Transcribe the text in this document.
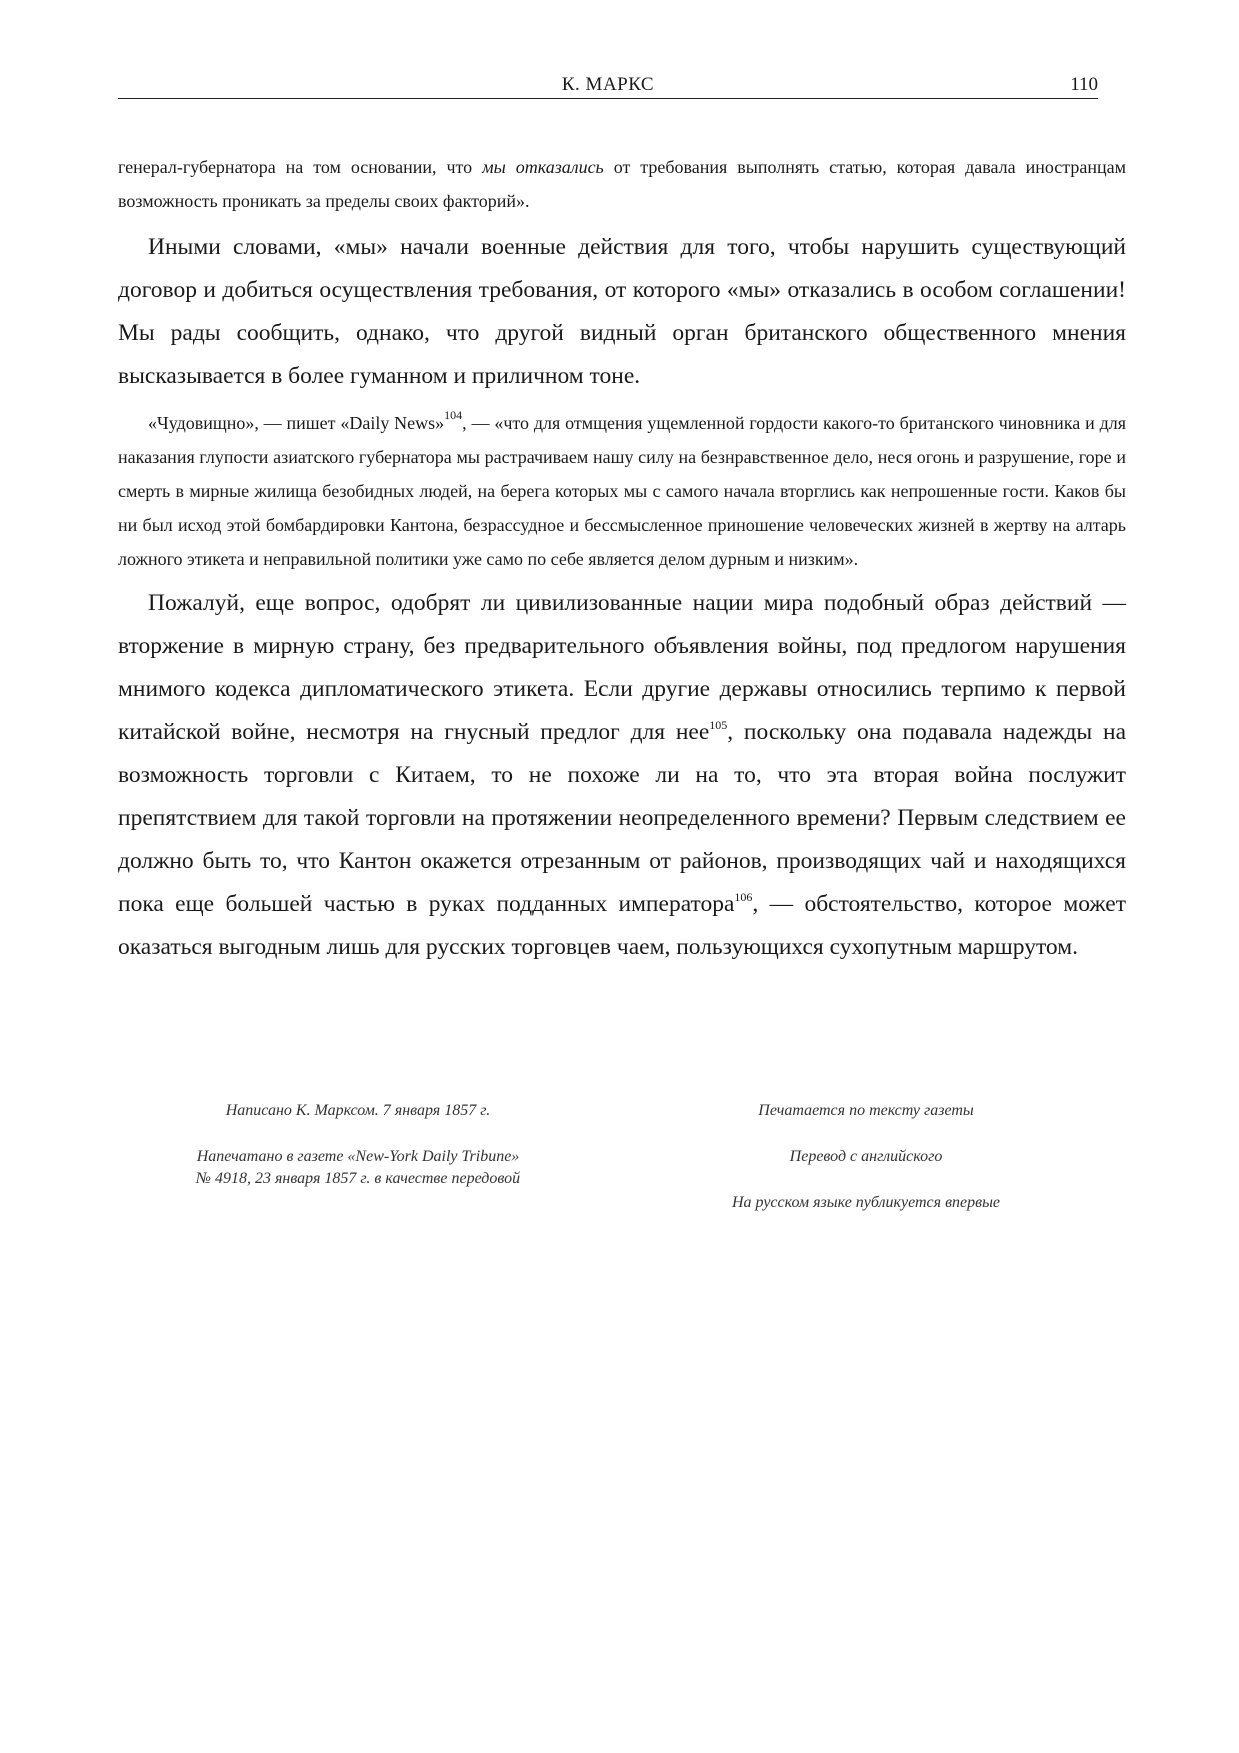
К. МАРКС	110

генерал-губернатора на том основании, что мы отказались от требования выполнять статью, которая давала иностранцам возможность проникать за пределы своих факторий».

Иными словами, «мы» начали военные действия для того, чтобы нарушить существующий договор и добиться осуществления требования, от которого «мы» отказались в особом соглашении! Мы рады сообщить, однако, что другой видный орган британского общественного мнения высказывается в более гуманном и приличном тоне.

«Чудовищно», — пишет «Daily News»$^{104}$, — «что для отмщения ущемленной гордости какого-то британского чиновника и для наказания глупости азиатского губернатора мы растрачиваем нашу силу на безнравственное дело, неся огонь и разрушение, горе и смерть в мирные жилища безобидных людей, на берега которых мы с самого начала вторглись как непрошенные гости. Каков бы ни был исход этой бомбардировки Кантона, безрассудное и бессмысленное приношение человеческих жизней в жертву на алтарь ложного этикета и неправильной политики уже само по себе является делом дурным и низким».

Пожалуй, еще вопрос, одобрят ли цивилизованные нации мира подобный образ действий — вторжение в мирную страну, без предварительного объявления войны, под предлогом нарушения мнимого кодекса дипломатического этикета. Если другие державы относились терпимо к первой китайской войне, несмотря на гнусный предлог для нее$^{105}$, поскольку она подавала надежды на возможность торговли с Китаем, то не похоже ли на то, что эта вторая война послужит препятствием для такой торговли на протяжении неопределенного времени? Первым следствием ее должно быть то, что Кантон окажется отрезанным от районов, производящих чай и находящихся пока еще большей частью в руках подданных императора$^{106}$, — обстоятельство, которое может оказаться выгодным лишь для русских торговцев чаем, пользующихся сухопутным маршрутом.

Написано К. Марксом. 7 января 1857 г.
Напечатано в газете «New-York Daily Tribune»
№ 4918, 23 января 1857 г. в качестве передовой
Печатается по тексту газеты
Перевод с английского
На русском языке публикуется впервые
